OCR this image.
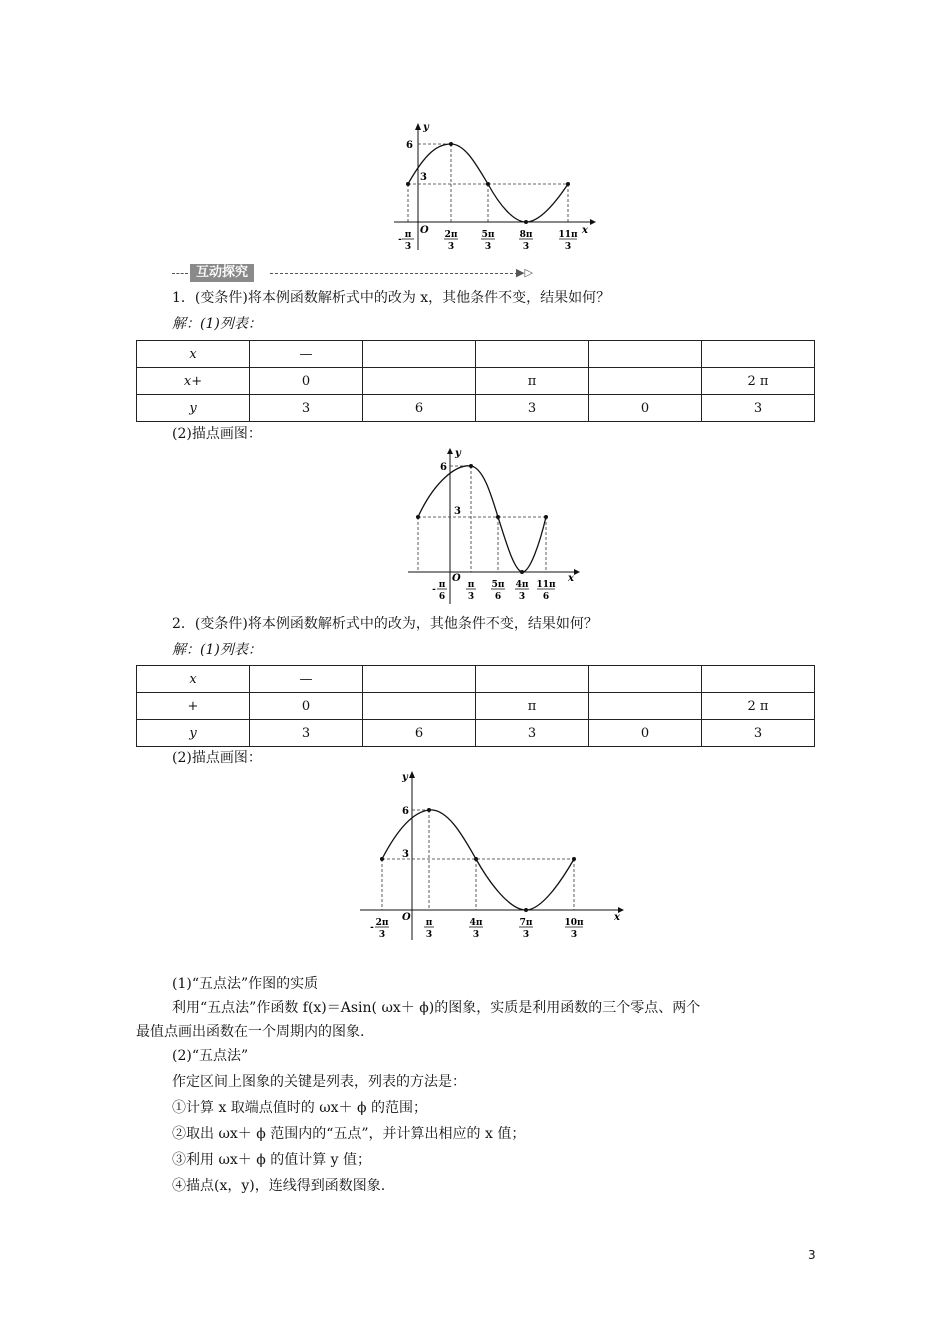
y
x
O
6
3
- π
3
2π
3
5π
3
8π
3
11π
3
互动探究	▶▷
1．(变条件)将本例函数解析式中的改为 x，其他条件不变，结果如何？
解：(1)列表：
x	—				
x+	0		π		2 π
y	3	6	3	0	3
(2)描点画图：
y
x
O
6
3
- π
6
π
3
5π
6
4π
3
11π
6
2．(变条件)将本例函数解析式中的改为，其他条件不变，结果如何？
解：(1)列表：
x	—				
+	0		π		2 π
y	3	6	3	0	3
(2)描点画图：
y
x
O
6
3
- 2π
3
π
3
4π
3
7π
3
10π
3
(1)“五点法”作图的实质
利用“五点法”作函数 f(x)＝Asin( ωx＋ ϕ)的图象，实质是利用函数的三个零点、两个
最值点画出函数在一个周期内的图象.
(2)“五点法”
作定区间上图象的关键是列表，列表的方法是：
①计算 x 取端点值时的 ωx＋ ϕ 的范围；
②取出 ωx＋ ϕ 范围内的“五点”，并计算出相应的 x 值；
③利用 ωx＋ ϕ 的值计算 y 值；
④描点(x，y)，连线得到函数图象.
3
